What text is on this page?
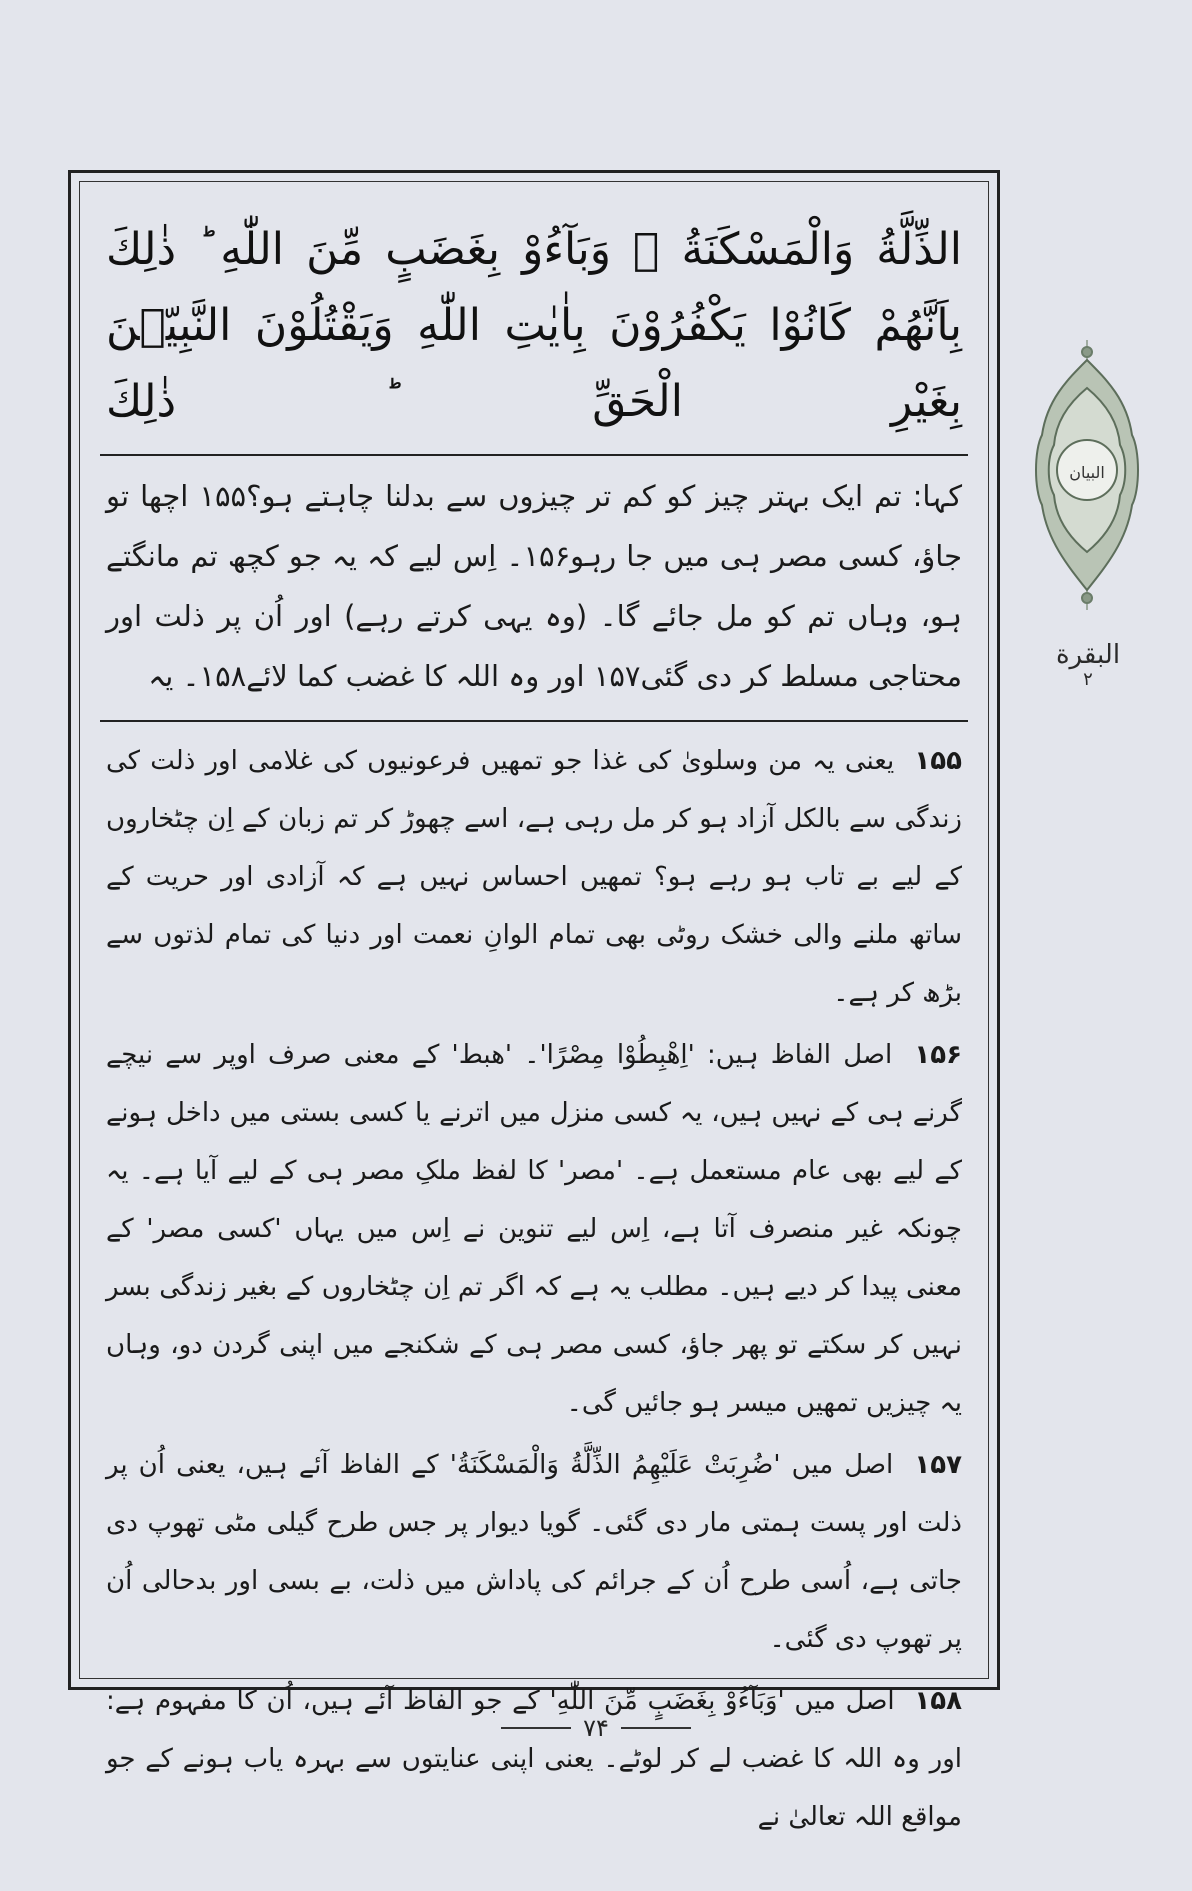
الذِّلَّةُ وَالْمَسْكَنَةُ ۗ وَبَآءُوْ بِغَضَبٍ مِّنَ اللّٰهِ ؕ ذٰلِكَ بِاَنَّهُمْ كَانُوْا يَكْفُرُوْنَ بِاٰيٰتِ اللّٰهِ وَيَقْتُلُوْنَ النَّبِيّٖنَ بِغَيْرِ الْحَقِّ ؕ ذٰلِكَ
کہا: تم ایک بہتر چیز کو کم تر چیزوں سے بدلنا چاہتے ہو؟۱۵۵ اچھا تو جاؤ، کسی مصر ہی میں جا رہو۱۵۶۔ اِس لیے کہ یہ جو کچھ تم مانگتے ہو، وہاں تم کو مل جائے گا۔ (وہ یہی کرتے رہے) اور اُن پر ذلت اور محتاجی مسلط کر دی گئی۱۵۷ اور وہ اللہ کا غضب کما لائے۱۵۸۔ یہ

۱۵۵ یعنی یہ من وسلویٰ کی غذا جو تمھیں فرعونیوں کی غلامی اور ذلت کی زندگی سے بالکل آزاد ہو کر مل رہی ہے، اسے چھوڑ کر تم زبان کے اِن چٹخاروں کے لیے بے تاب ہو رہے ہو؟ تمھیں احساس نہیں ہے کہ آزادی اور حریت کے ساتھ ملنے والی خشک روٹی بھی تمام الوانِ نعمت اور دنیا کی تمام لذتوں سے بڑھ کر ہے۔

۱۵۶ اصل الفاظ ہیں: 'اِهْبِطُوْا مِصْرًا'۔ 'ھبط' کے معنی صرف اوپر سے نیچے گرنے ہی کے نہیں ہیں، یہ کسی منزل میں اترنے یا کسی بستی میں داخل ہونے کے لیے بھی عام مستعمل ہے۔ 'مصر' کا لفظ ملکِ مصر ہی کے لیے آیا ہے۔ یہ چونکہ غیر منصرف آتا ہے، اِس لیے تنوین نے اِس میں یہاں 'کسی مصر' کے معنی پیدا کر دیے ہیں۔ مطلب یہ ہے کہ اگر تم اِن چٹخاروں کے بغیر زندگی بسر نہیں کر سکتے تو پھر جاؤ، کسی مصر ہی کے شکنجے میں اپنی گردن دو، وہاں یہ چیزیں تمھیں میسر ہو جائیں گی۔

۱۵۷ اصل میں 'ضُرِبَتْ عَلَيْهِمُ الذِّلَّةُ وَالْمَسْكَنَةُ' کے الفاظ آئے ہیں، یعنی اُن پر ذلت اور پست ہمتی مار دی گئی۔ گویا دیوار پر جس طرح گیلی مٹی تھوپ دی جاتی ہے، اُسی طرح اُن کے جرائم کی پاداش میں ذلت، بے بسی اور بدحالی اُن پر تھوپ دی گئی۔

۱۵۸ اصل میں 'وَبَآءُوْ بِغَضَبٍ مِّنَ اللّٰهِ' کے جو الفاظ آئے ہیں، اُن کا مفہوم ہے: اور وہ اللہ کا غضب لے کر لوٹے۔ یعنی اپنی عنایتوں سے بہرہ یاب ہونے کے جو مواقع اللہ تعالیٰ نے

البیان
البقرة
۲
۷۴
